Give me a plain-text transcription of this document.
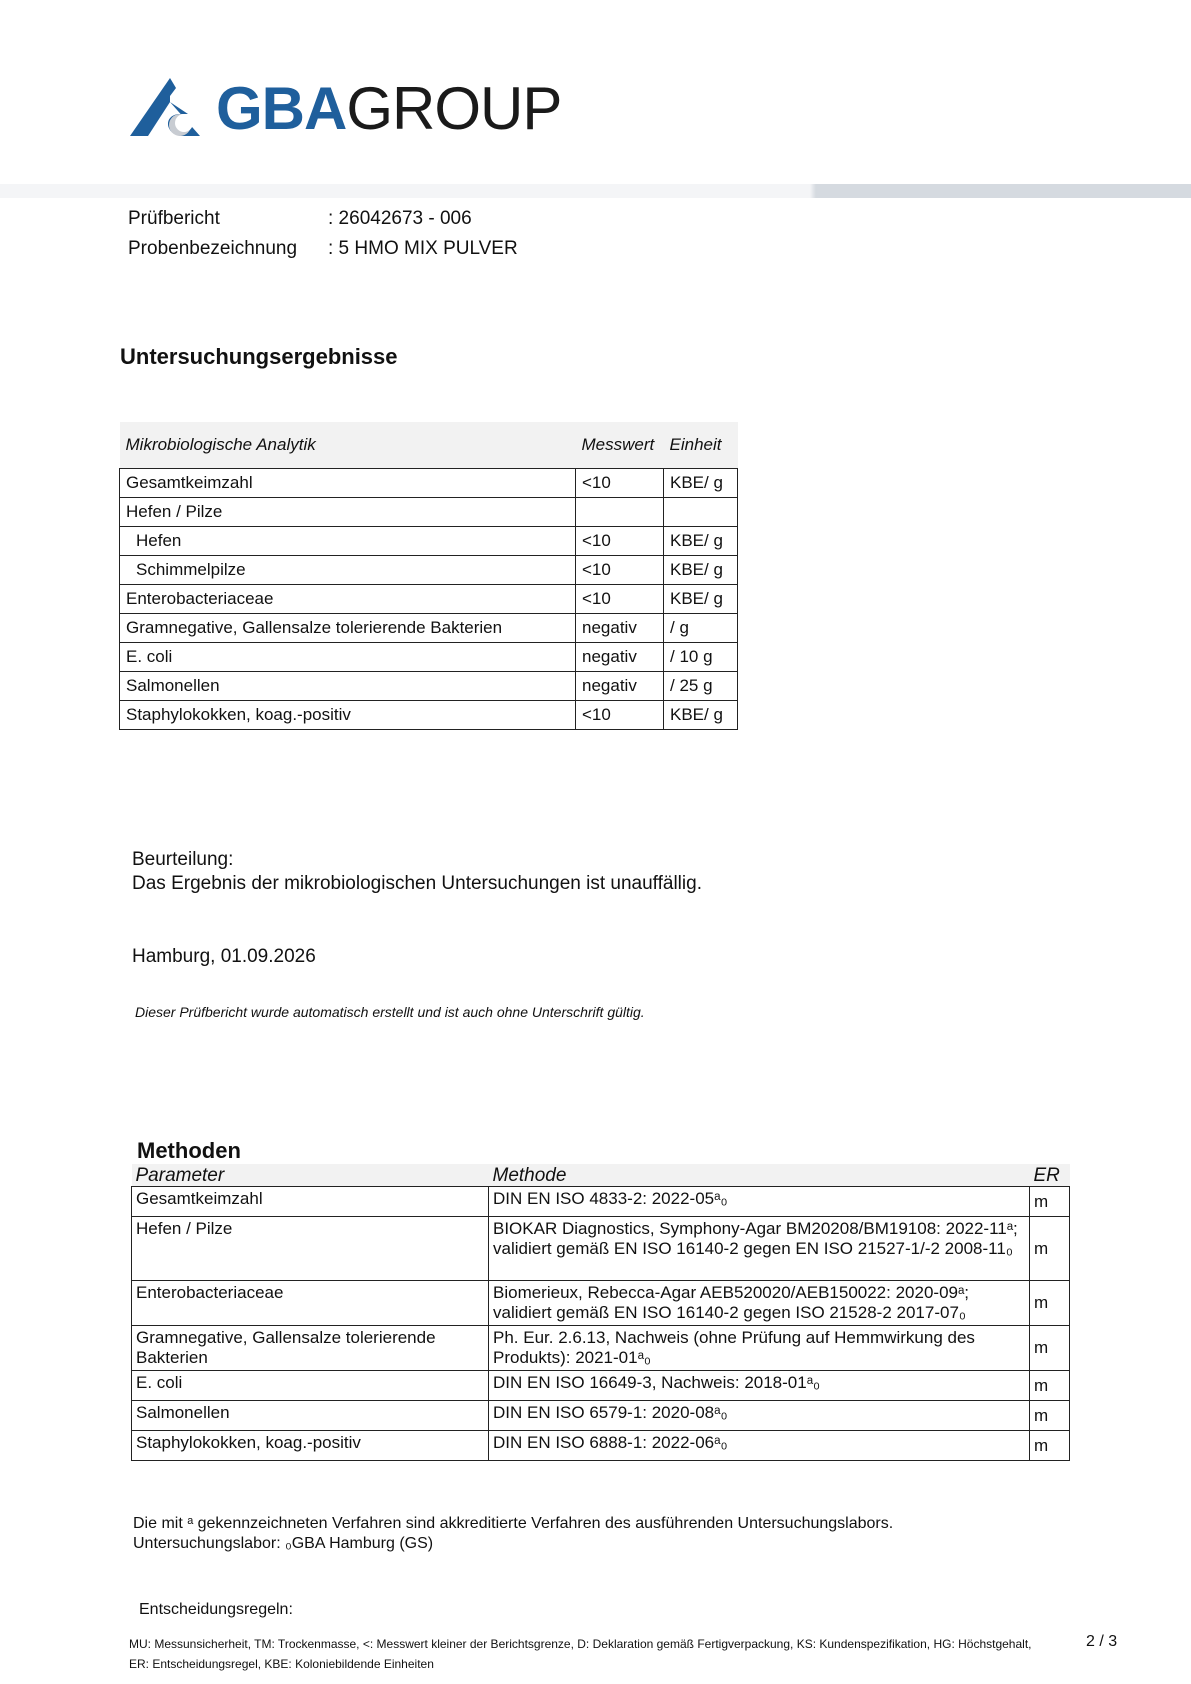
GBAGROUP
Prüfbericht	: 26042673 - 006
Probenbezeichnung : 5 HMO MIX PULVER
Untersuchungsergebnisse
Mikrobiologische Analytik	Messwert	Einheit
Gesamtkeimzahl	<10	KBE/ g
Hefen / Pilze		
Hefen	<10	KBE/ g
Schimmelpilze	<10	KBE/ g
Enterobacteriaceae	<10	KBE/ g
Gramnegative, Gallensalze tolerierende Bakterien	negativ	/ g
E. coli	negativ	/ 10 g
Salmonellen	negativ	/ 25 g
Staphylokokken, koag.-positiv	<10	KBE/ g
Beurteilung:
Das Ergebnis der mikrobiologischen Untersuchungen ist unauffällig.
Hamburg, 01.09.2026
Dieser Prüfbericht wurde automatisch erstellt und ist auch ohne Unterschrift gültig.
Methoden
Parameter	Methode	ER
Gesamtkeimzahl	DIN EN ISO 4833-2: 2022-05ᵃ₀	m
Hefen / Pilze	BIOKAR Diagnostics, Symphony-Agar BM20208/BM19108: 2022-11ᵃ; validiert gemäß EN ISO 16140-2 gegen EN ISO 21527-1/-2 2008-11₀	m
Enterobacteriaceae	Biomerieux, Rebecca-Agar AEB520020/AEB150022: 2020-09ᵃ; validiert gemäß EN ISO 16140-2 gegen ISO 21528-2 2017-07₀	m
Gramnegative, Gallensalze tolerierende Bakterien	Ph. Eur. 2.6.13, Nachweis (ohne Prüfung auf Hemmwirkung des Produkts): 2021-01ᵃ₀	m
E. coli	DIN EN ISO 16649-3, Nachweis: 2018-01ᵃ₀	m
Salmonellen	DIN EN ISO 6579-1: 2020-08ᵃ₀	m
Staphylokokken, koag.-positiv	DIN EN ISO 6888-1: 2022-06ᵃ₀	m
Die mit ᵃ gekennzeichneten Verfahren sind akkreditierte Verfahren des ausführenden Untersuchungslabors.
Untersuchungslabor: ₀GBA Hamburg (GS)
Entscheidungsregeln:
MU: Messunsicherheit, TM: Trockenmasse, <: Messwert kleiner der Berichtsgrenze, D: Deklaration gemäß Fertigverpackung, KS: Kundenspezifikation, HG: Höchstgehalt,
ER: Entscheidungsregel, KBE: Koloniebildende Einheiten
2 / 3
